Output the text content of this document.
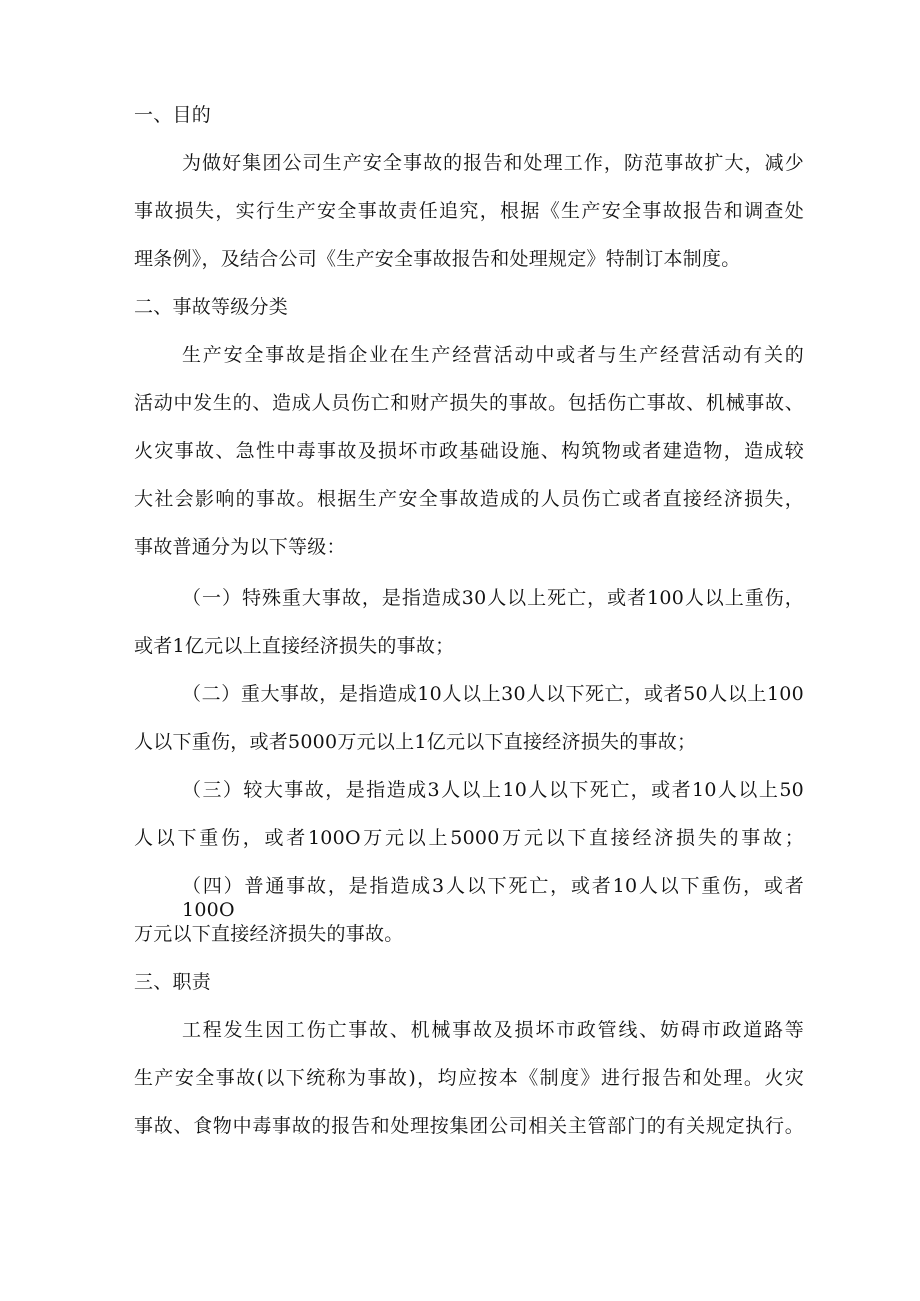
一、目的
为做好集团公司生产安全事故的报告和处理工作，防范事故扩大，减少
事故损失，实行生产安全事故责任追究，根据《生产安全事故报告和调查处
理条例》，及结合公司《生产安全事故报告和处理规定》特制订本制度。
二、事故等级分类
生产安全事故是指企业在生产经营活动中或者与生产经营活动有关的
活动中发生的、造成人员伤亡和财产损失的事故。包括伤亡事故、机械事故、
火灾事故、急性中毒事故及损坏市政基础设施、构筑物或者建造物，造成较
大社会影响的事故。根据生产安全事故造成的人员伤亡或者直接经济损失，
事故普通分为以下等级：
（一）特殊重大事故，是指造成30人以上死亡，或者100人以上重伤，
或者1亿元以上直接经济损失的事故；
（二）重大事故，是指造成10人以上30人以下死亡，或者50人以上100
人以下重伤，或者5000万元以上1亿元以下直接经济损失的事故；
（三）较大事故，是指造成3人以上10人以下死亡，或者10人以上50
人以下重伤，或者100O万元以上5000万元以下直接经济损失的事故；
（四）普通事故，是指造成3人以下死亡，或者10人以下重伤，或者100O
万元以下直接经济损失的事故。
三、职责
工程发生因工伤亡事故、机械事故及损坏市政管线、妨碍市政道路等
生产安全事故(以下统称为事故)，均应按本《制度》进行报告和处理。火灾
事故、食物中毒事故的报告和处理按集团公司相关主管部门的有关规定执行。
